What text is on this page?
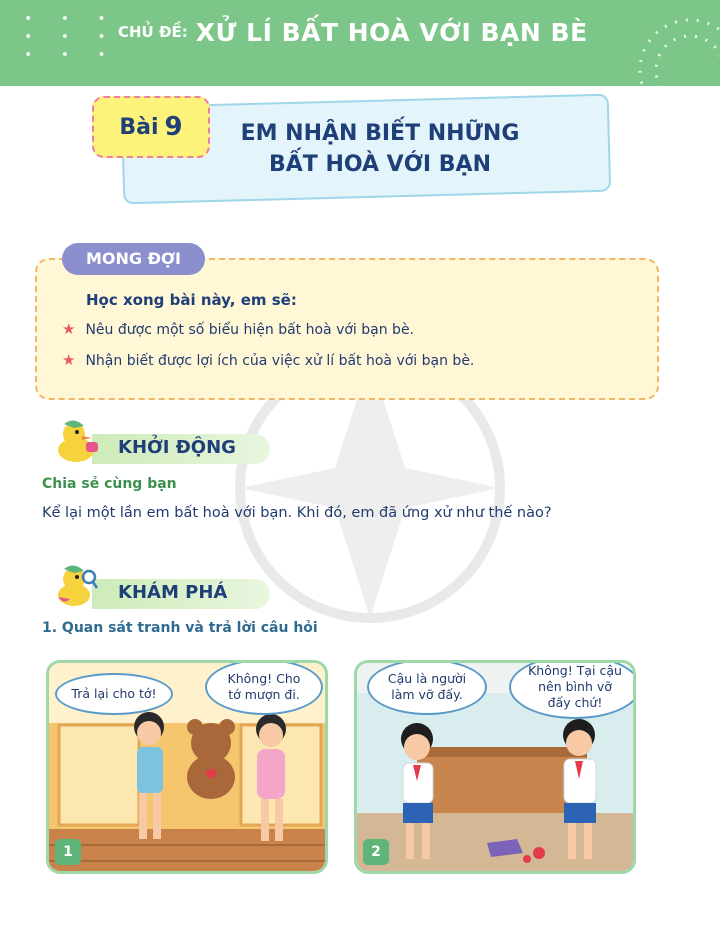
• • •
• • •
• • •
CHỦ ĐỀ: XỬ LÍ BẤT HOÀ VỚI BẠN BÈ
EM NHẬN BIẾT NHỮNG
BẤT HOÀ VỚI BẠN
Bài 9
MONG ĐỢI
Học xong bài này, em sẽ:
★ Nêu được một số biểu hiện bất hoà với bạn bè.
★ Nhận biết được lợi ích của việc xử lí bất hoà với bạn bè.
KHỞI ĐỘNG
Chia sẻ cùng bạn
Kể lại một lần em bất hoà với bạn. Khi đó, em đã ứng xử như thế nào?
KHÁM PHÁ
1. Quan sát tranh và trả lời câu hỏi
Trả lại cho tớ!
Không! Cho tớ mượn đi.
1
Cậu là người làm vỡ đấy.
Không! Tại cậu nên bình vỡ đấy chứ!
2
